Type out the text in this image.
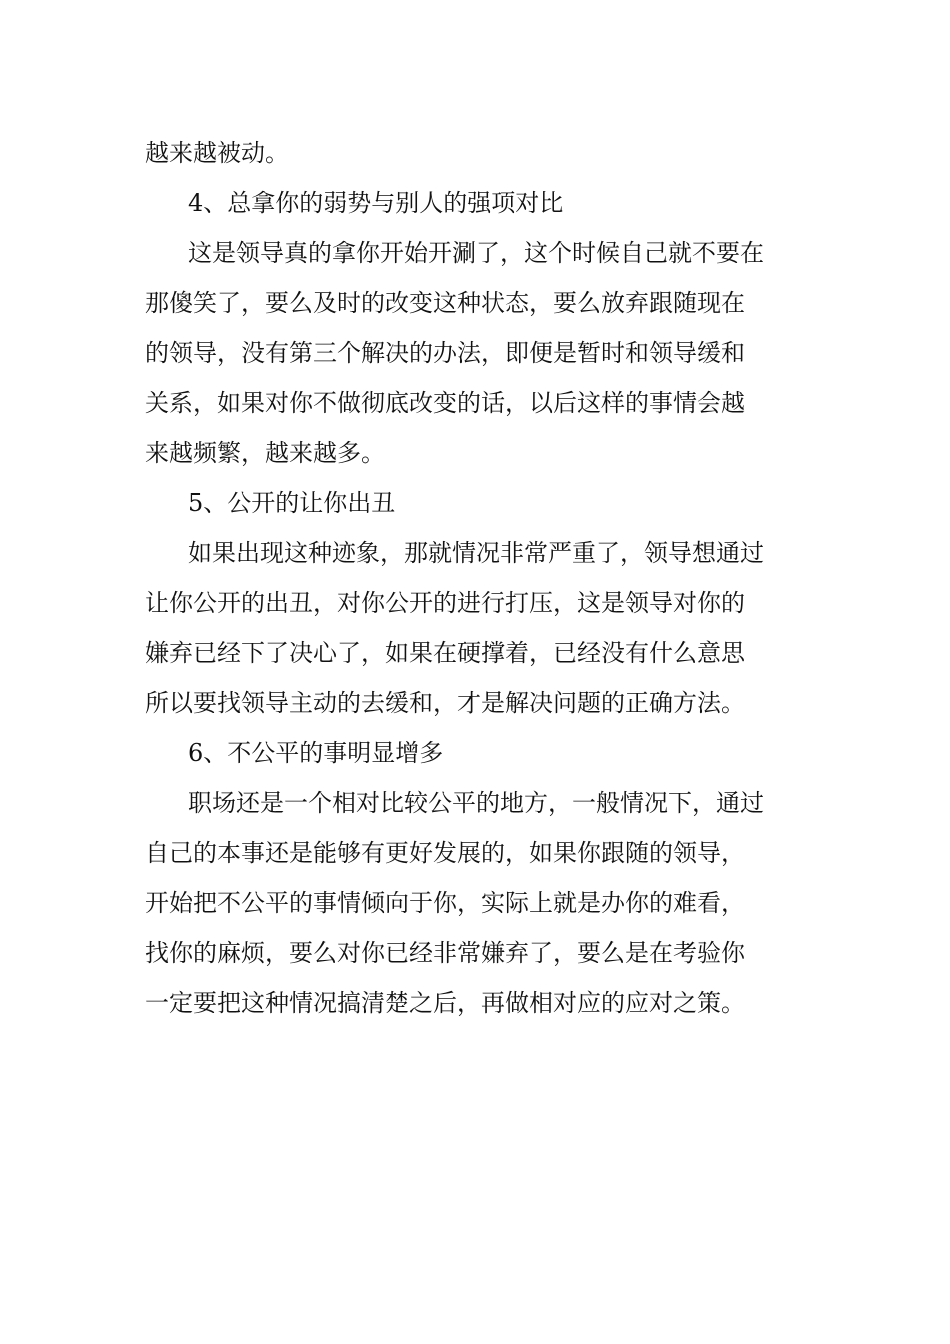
越来越被动。
4、总拿你的弱势与别人的强项对比
这是领导真的拿你开始开涮了，这个时候自己就不要在
那傻笑了，要么及时的改变这种状态，要么放弃跟随现在
的领导，没有第三个解决的办法，即便是暂时和领导缓和
关系，如果对你不做彻底改变的话，以后这样的事情会越
来越频繁，越来越多。
5、公开的让你出丑
如果出现这种迹象，那就情况非常严重了，领导想通过
让你公开的出丑，对你公开的进行打压，这是领导对你的
嫌弃已经下了决心了，如果在硬撑着，已经没有什么意思
所以要找领导主动的去缓和，才是解决问题的正确方法。
6、不公平的事明显增多
职场还是一个相对比较公平的地方，一般情况下，通过
自己的本事还是能够有更好发展的，如果你跟随的领导，
开始把不公平的事情倾向于你，实际上就是办你的难看，
找你的麻烦，要么对你已经非常嫌弃了，要么是在考验你
一定要把这种情况搞清楚之后，再做相对应的应对之策。
